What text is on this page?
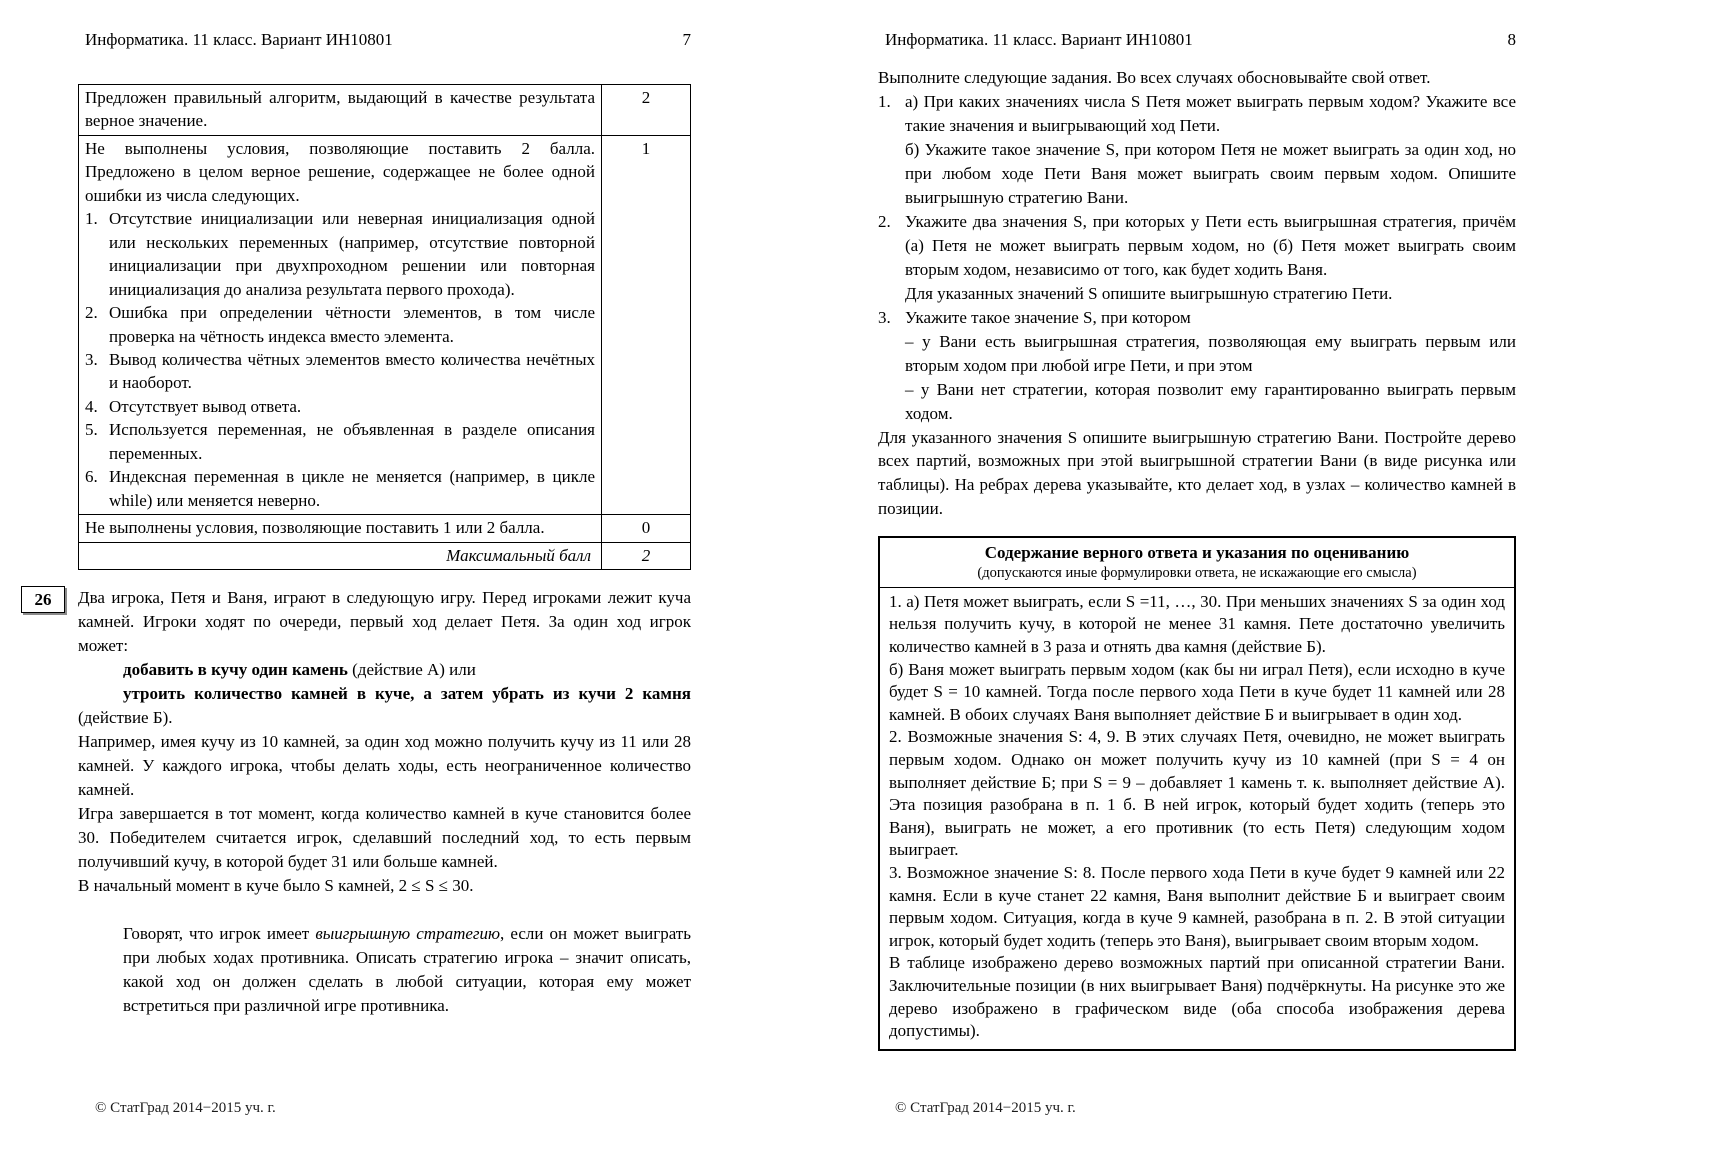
Информатика. 11 класс. Вариант ИН10801	7

Предложен правильный алгоритм, выдающий в качестве результата верное значение.	2

Не выполнены условия, позволяющие поставить 2 балла. Предложено в целом верное решение, содержащее не более одной ошибки из числа следующих.

1. Отсутствие инициализации или неверная инициализация одной или нескольких переменных (например, отсутствие повторной инициализации при двухпроходном решении или повторная инициализация до анализа результата первого прохода).
2. Ошибка при определении чётности элементов, в том числе проверка на чётность индекса вместо элемента.
3. Вывод количества чётных элементов вместо количества нечётных и наоборот.
4. Отсутствует вывод ответа.
5. Используется переменная, не объявленная в разделе описания переменных.
6. Индексная переменная в цикле не меняется (например, в цикле while) или меняется неверно.
	1

Не выполнены условия, позволяющие поставить 1 или 2 балла.	0
Максимальный балл	2
26	Два игрока, Петя и Ваня, играют в следующую игру. Перед игроками лежит куча камней. Игроки ходят по очереди, первый ход делает Петя. За один ход игрок может:

добавить в кучу один камень (действие А) или

утроить количество камней в куче, а затем убрать из кучи 2 камня (действие Б).

Например, имея кучу из 10 камней, за один ход можно получить кучу из 11 или 28 камней. У каждого игрока, чтобы делать ходы, есть неограниченное количество камней.

Игра завершается в тот момент, когда количество камней в куче становится более 30. Победителем считается игрок, сделавший последний ход, то есть первым получивший кучу, в которой будет 31 или больше камней.

В начальный момент в куче было S камней, 2 ≤ S ≤ 30.

Говорят, что игрок имеет выигрышную стратегию, если он может выиграть при любых ходах противника. Описать стратегию игрока – значит описать, какой ход он должен сделать в любой ситуации, которая ему может встретиться при различной игре противника.

© СтатГрад 2014−2015 уч. г.
Информатика. 11 класс. Вариант ИН10801	8

Выполните следующие задания. Во всех случаях обосновывайте свой ответ.

1. а) При каких значениях числа S Петя может выиграть первым ходом? Укажите все такие значения и выигрывающий ход Пети.

б) Укажите такое значение S, при котором Петя не может выиграть за один ход, но при любом ходе Пети Ваня может выиграть своим первым ходом. Опишите выигрышную стратегию Вани.

2. Укажите два значения S, при которых у Пети есть выигрышная стратегия, причём (а) Петя не может выиграть первым ходом, но (б) Петя может выиграть своим вторым ходом, независимо от того, как будет ходить Ваня.

Для указанных значений S опишите выигрышную стратегию Пети.

3. Укажите такое значение S, при котором

– у Вани есть выигрышная стратегия, позволяющая ему выиграть первым или вторым ходом при любой игре Пети, и при этом

– у Вани нет стратегии, которая позволит ему гарантированно выиграть первым ходом.

Для указанного значения S опишите выигрышную стратегию Вани. Постройте дерево всех партий, возможных при этой выигрышной стратегии Вани (в виде рисунка или таблицы). На ребрах дерева указывайте, кто делает ход, в узлах – количество камней в позиции.

Содержание верного ответа и указания по оцениванию
(допускаются иные формулировки ответа, не искажающие его смысла)

1. а) Петя может выиграть, если S =11, …, 30. При меньших значениях S за один ход нельзя получить кучу, в которой не менее 31 камня. Пете достаточно увеличить количество камней в 3 раза и отнять два камня (действие Б).

б) Ваня может выиграть первым ходом (как бы ни играл Петя), если исходно в куче будет S = 10 камней. Тогда после первого хода Пети в куче будет 11 камней или 28 камней. В обоих случаях Ваня выполняет действие Б и выигрывает в один ход.

2. Возможные значения S: 4, 9. В этих случаях Петя, очевидно, не может выиграть первым ходом. Однако он может получить кучу из 10 камней (при S = 4 он выполняет действие Б; при S = 9 – добавляет 1 камень т. к. выполняет действие А). Эта позиция разобрана в п. 1 б. В ней игрок, который будет ходить (теперь это Ваня), выиграть не может, а его противник (то есть Петя) следующим ходом выиграет.

3. Возможное значение S: 8. После первого хода Пети в куче будет 9 камней или 22 камня. Если в куче станет 22 камня, Ваня выполнит действие Б и выиграет своим первым ходом. Ситуация, когда в куче 9 камней, разобрана в п. 2. В этой ситуации игрок, который будет ходить (теперь это Ваня), выигрывает своим вторым ходом.

В таблице изображено дерево возможных партий при описанной стратегии Вани. Заключительные позиции (в них выигрывает Ваня) подчёркнуты. На рисунке это же дерево изображено в графическом виде (оба способа изображения дерева допустимы).

© СтатГрад 2014−2015 уч. г.
